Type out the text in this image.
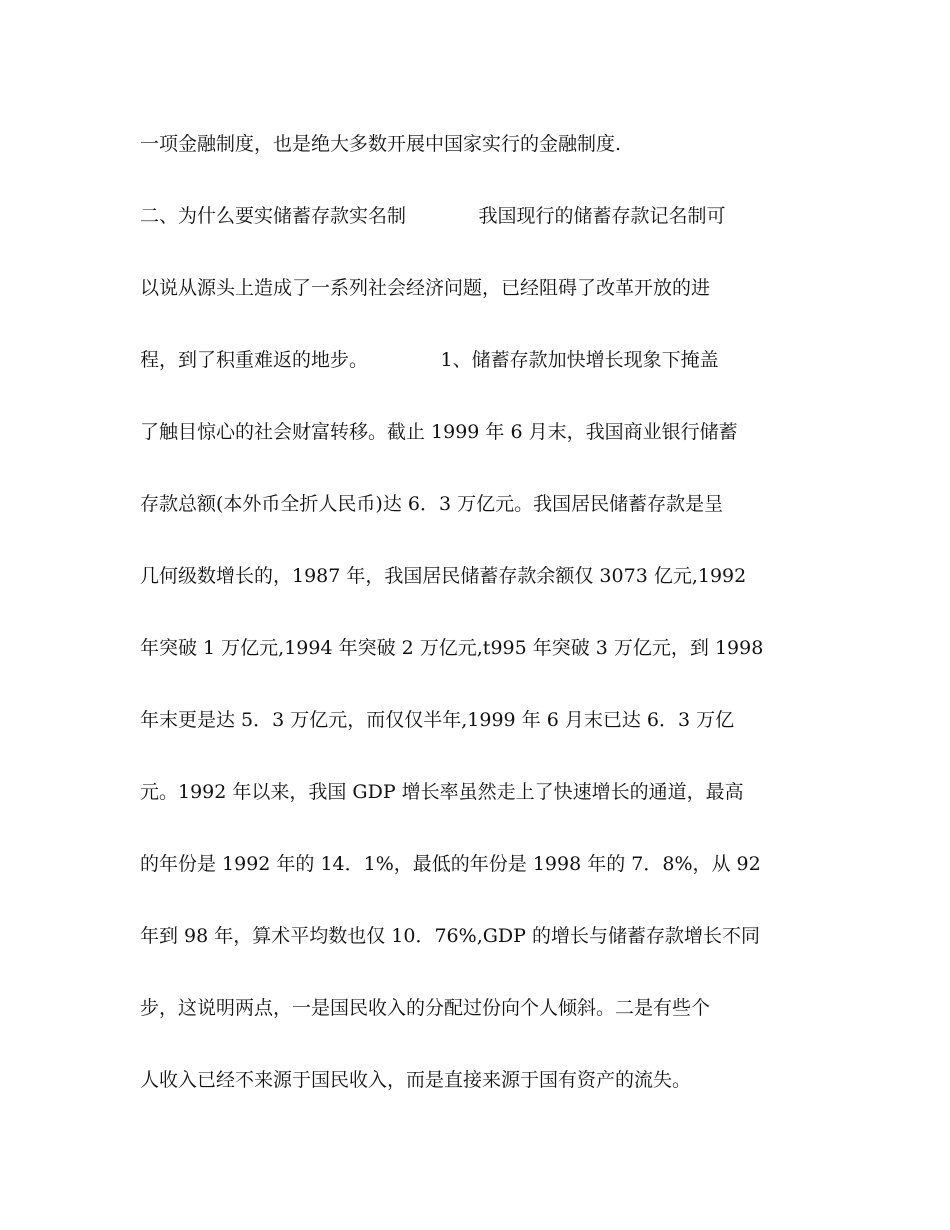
一项金融制度，也是绝大多数开展中国家实行的金融制度.
二、为什么要实储蓄存款实名制            我国现行的储蓄存款记名制可
以说从源头上造成了一系列社会经济问题，已经阻碍了改革开放的进
程，到了积重难返的地步。            1、储蓄存款加快增长现象下掩盖
了触目惊心的社会财富转移。截止 1999 年 6 月末，我国商业银行储蓄
存款总额(本外币全折人民币)达 6．3 万亿元。我国居民储蓄存款是呈
几何级数增长的，1987 年，我国居民储蓄存款余额仅 3073 亿元,1992
年突破 1 万亿元,1994 年突破 2 万亿元,t995 年突破 3 万亿元，到 1998
年末更是达 5．3 万亿元，而仅仅半年,1999 年 6 月末已达 6．3 万亿
元。1992 年以来，我国 GDP 增长率虽然走上了快速增长的通道，最高
的年份是 1992 年的 14．1%，最低的年份是 1998 年的 7．8%，从 92
年到 98 年，算术平均数也仅 10．76%,GDP 的增长与储蓄存款增长不同
步，这说明两点，一是国民收入的分配过份向个人倾斜。二是有些个
人收入已经不来源于国民收入，而是直接来源于国有资产的流失。
